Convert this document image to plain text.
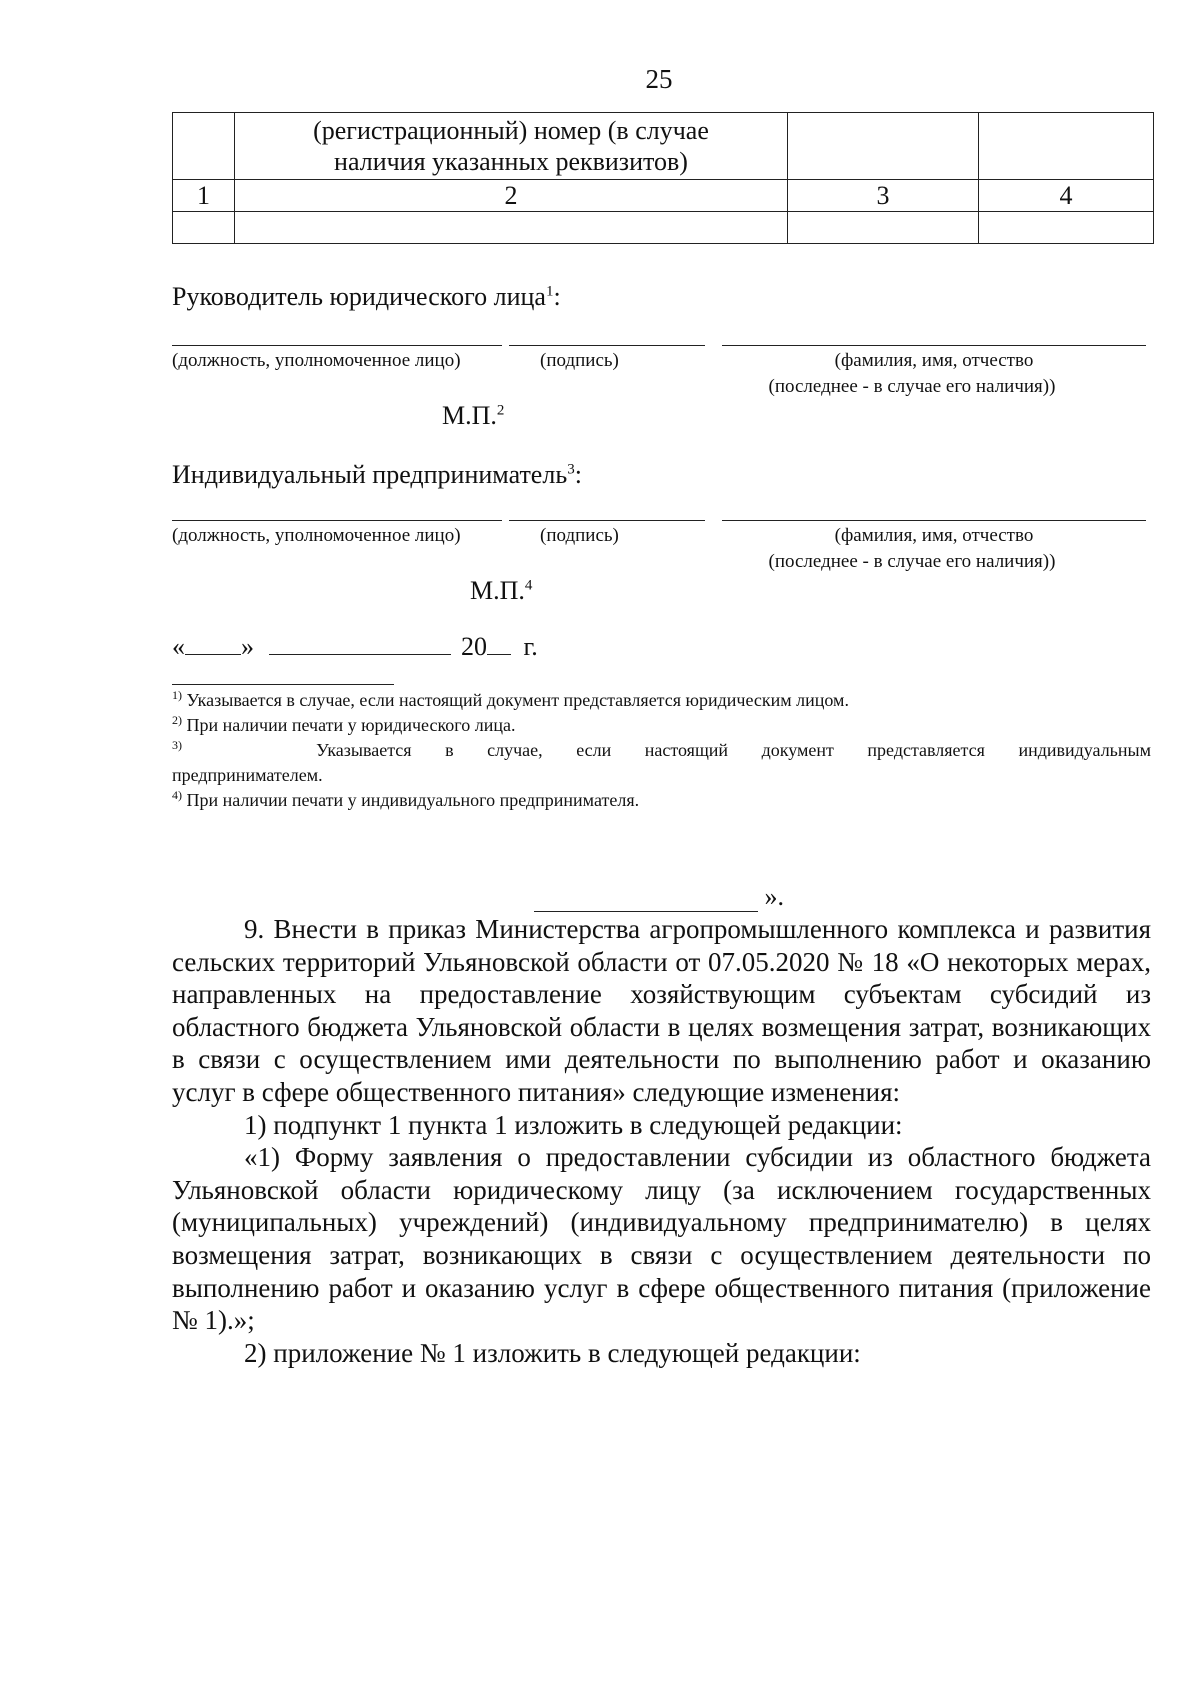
25

	(регистрационный) номер (в случае наличия указанных реквизитов)		

1	2	3	4

Руководитель юридического лица$^1$:
(должность, уполномоченное лицо)	(подпись)	(фамилия, имя, отчество
(последнее - в случае его наличия))
М.П.$^2$
Индивидуальный предприниматель$^3$:
(должность, уполномоченное лицо)	(подпись)	(фамилия, имя, отчество
(последнее - в случае его наличия))
М.П.$^4$
« »	20 г.
$^{1)}$ Указывается в случае, если настоящий документ представляется юридическим лицом.
$^{2)}$ При наличии печати у юридического лица.
$^{3)}$	Указывается в случае, если настоящий документ представляется индивидуальным
предпринимателем.
$^{4)}$ При наличии печати у индивидуального предпринимателя.
».

9. Внести в приказ Министерства агропромышленного комплекса и развития сельских территорий Ульяновской области от 07.05.2020 № 18 «О некоторых мерах, направленных на предоставление хозяйствующим субъектам субсидий из областного бюджета Ульяновской области в целях возмещения затрат, возникающих в связи с осуществлением ими деятельности по выполнению работ и оказанию услуг в сфере общественного питания» следующие изменения:

1) подпункт 1 пункта 1 изложить в следующей редакции:

«1) Форму заявления о предоставлении субсидии из областного бюджета Ульяновской области юридическому лицу (за исключением государственных (муниципальных) учреждений) (индивидуальному предпринимателю) в целях возмещения затрат, возникающих в связи с осуществлением деятельности по выполнению работ и оказанию услуг в сфере общественного питания (приложение № 1).»;

2) приложение № 1 изложить в следующей редакции:
